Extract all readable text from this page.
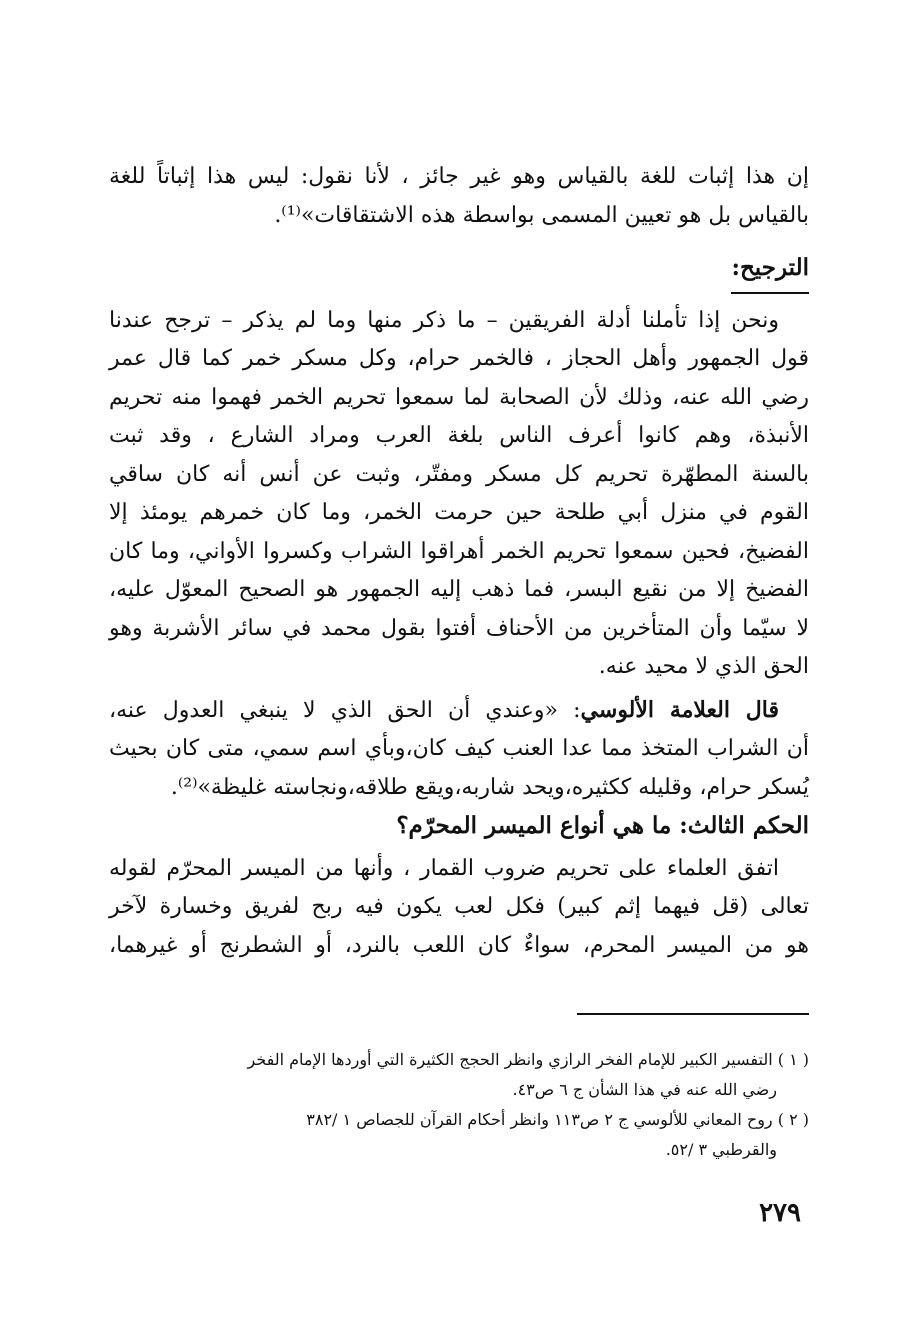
إن هذا إثبات للغة بالقياس وهو غير جائز ، لأنا نقول: ليس هذا إثباتاً للغة
بالقياس بل هو تعيين المسمى بواسطة هذه الاشتقاقات»⁽¹⁾.
الترجيح:
ونحن إذا تأملنا أدلة الفريقين – ما ذكر منها وما لم يذكر – ترجح عندنا
قول الجمهور وأهل الحجاز ، فالخمر حرام، وكل مسكر خمر كما قال عمر
رضي الله عنه، وذلك لأن الصحابة لما سمعوا تحريم الخمر فهموا منه تحريم
الأنبذة، وهم كانوا أعرف الناس بلغة العرب ومراد الشارع ، وقد ثبت
بالسنة المطهّرة تحريم كل مسكر ومفتّر، وثبت عن أنس أنه كان ساقي
القوم في منزل أبي طلحة حين حرمت الخمر، وما كان خمرهم يومئذ إلا
الفضيخ، فحين سمعوا تحريم الخمر أهراقوا الشراب وكسروا الأواني، وما كان
الفضيخ إلا من نقيع البسر، فما ذهب إليه الجمهور هو الصحيح المعوّل عليه،
لا سيّما وأن المتأخرين من الأحناف أفتوا بقول محمد في سائر الأشربة وهو
الحق الذي لا محيد عنه.
قال العلامة الألوسي: «وعندي أن الحق الذي لا ينبغي العدول عنه،
أن الشراب المتخذ مما عدا العنب كيف كان،وبأي اسم سمي، متى كان بحيث
يُسكر حرام، وقليله ككثيره،ويحد شاربه،ويقع طلاقه،ونجاسته غليظة»⁽²⁾.
الحكم الثالث: ما هي أنواع الميسر المحرّم؟
اتفق العلماء على تحريم ضروب القمار ، وأنها من الميسر المحرّم لقوله
تعالى (قل فيهما إثم كبير) فكل لعب يكون فيه ربح لفريق وخسارة لآخر
هو من الميسر المحرم، سواءٌ كان اللعب بالنرد، أو الشطرنج أو غيرهما،
( ١ ) التفسير الكبير للإمام الفخر الرازي وانظر الحجج الكثيرة التي أوردها الإمام الفخر
رضي الله عنه في هذا الشأن ج ٦ ص٤٣.
( ٢ ) روح المعاني للألوسي ج ٢ ص١١٣ وانظر أحكام القرآن للجصاص ١ /٣٨٢
والقرطبي ٣ /٥٢.
٢٧٩
